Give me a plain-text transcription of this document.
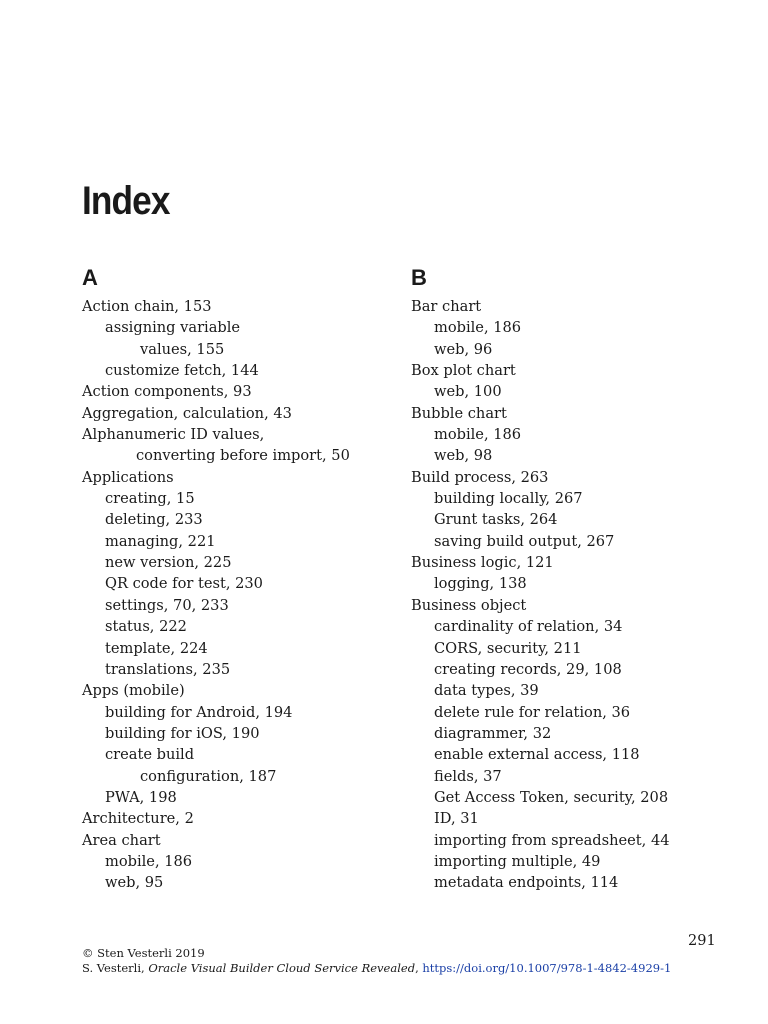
Index
A
Action chain, 153
assigning variable
values, 155
customize fetch, 144
Action components, 93
Aggregation, calculation, 43
Alphanumeric ID values,
converting before import, 50
Applications
creating, 15
deleting, 233
managing, 221
new version, 225
QR code for test, 230
settings, 70, 233
status, 222
template, 224
translations, 235
Apps (mobile)
building for Android, 194
building for iOS, 190
create build
configuration, 187
PWA, 198
Architecture, 2
Area chart
mobile, 186
web, 95
B
Bar chart
mobile, 186
web, 96
Box plot chart
web, 100
Bubble chart
mobile, 186
web, 98
Build process, 263
building locally, 267
Grunt tasks, 264
saving build output, 267
Business logic, 121
logging, 138
Business object
cardinality of relation, 34
CORS, security, 211
creating records, 29, 108
data types, 39
delete rule for relation, 36
diagrammer, 32
enable external access, 118
fields, 37
Get Access Token, security, 208
ID, 31
importing from spreadsheet, 44
importing multiple, 49
metadata endpoints, 114
291
© Sten Vesterli 2019
S. Vesterli, Oracle Visual Builder Cloud Service Revealed, https://doi.org/10.1007/978-1-4842-4929-1
